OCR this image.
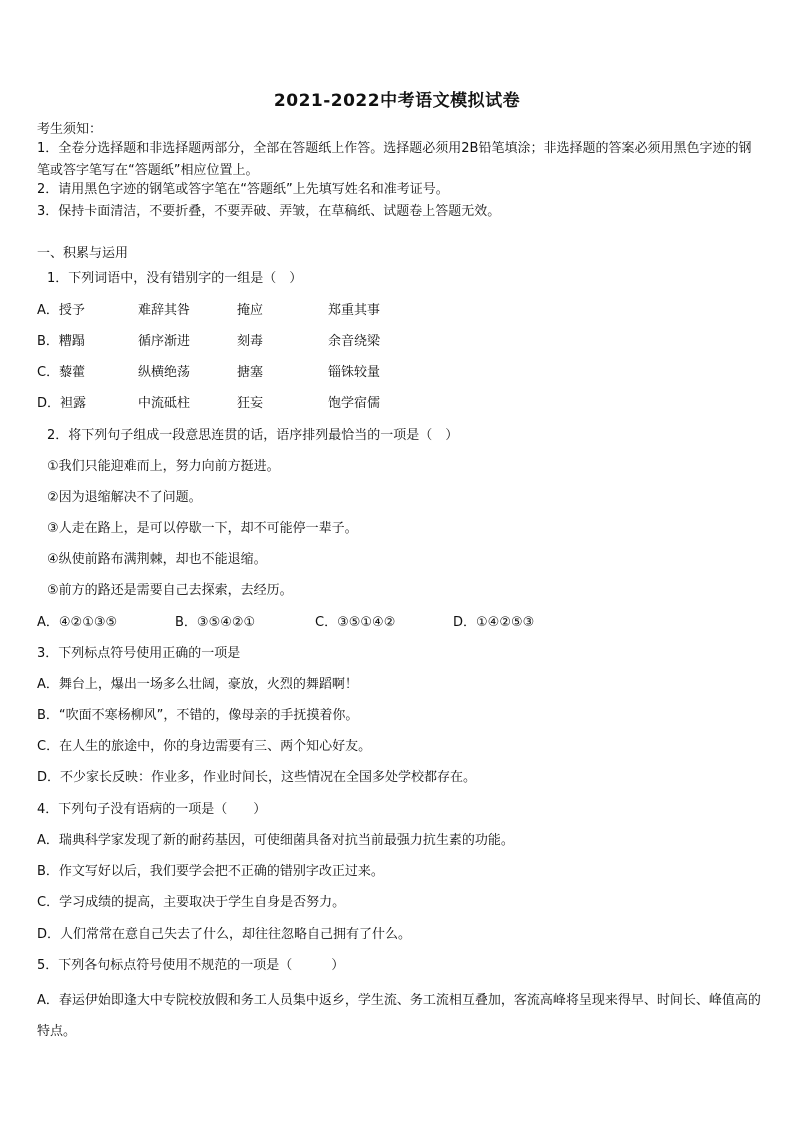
2021-2022中考语文模拟试卷
考生须知：
1．全卷分选择题和非选择题两部分，全部在答题纸上作答。选择题必须用2B铅笔填涂；非选择题的答案必须用黑色字迹的钢笔或答字笔写在“答题纸”相应位置上。
2．请用黑色字迹的钢笔或答字笔在“答题纸”上先填写姓名和准考证号。
3．保持卡面清洁，不要折叠，不要弄破、弄皱，在草稿纸、试题卷上答题无效。
一、积累与运用
1．下列词语中，没有错别字的一组是（　）
A．授予	难辞其咎	掩应	郑重其事
B．糟蹋	循序渐进	刻毒	余音绕梁
C．藜藿	纵横绝荡	搪塞	锱铢较量
D．袒露	中流砥柱	狂妄	饱学宿儒
2．将下列句子组成一段意思连贯的话，语序排列最恰当的一项是（　）
①我们只能迎难而上，努力向前方挺进。
②因为退缩解决不了问题。
③人走在路上，是可以停歇一下，却不可能停一辈子。
④纵使前路布满荆棘，却也不能退缩。
⑤前方的路还是需要自己去探索，去经历。
A．④②①③⑤	B．③⑤④②①	C．③⑤①④②	D．①④②⑤③
3．下列标点符号使用正确的一项是
A．舞台上，爆出一场多么壮阔，豪放，火烈的舞蹈啊！
B．“吹面不寒杨柳风”，不错的，像母亲的手抚摸着你。
C．在人生的旅途中，你的身边需要有三、两个知心好友。
D．不少家长反映：作业多，作业时间长，这些情况在全国多处学校都存在。
4．下列句子没有语病的一项是（　　）
A．瑞典科学家发现了新的耐药基因，可使细菌具备对抗当前最强力抗生素的功能。
B．作文写好以后，我们要学会把不正确的错别字改正过来。
C．学习成绩的提高，主要取决于学生自身是否努力。
D．人们常常在意自己失去了什么，却往往忽略自己拥有了什么。
5．下列各句标点符号使用不规范的一项是（　　　）
A．春运伊始即逢大中专院校放假和务工人员集中返乡，学生流、务工流相互叠加，客流高峰将呈现来得早、时间长、峰值高的特点。
